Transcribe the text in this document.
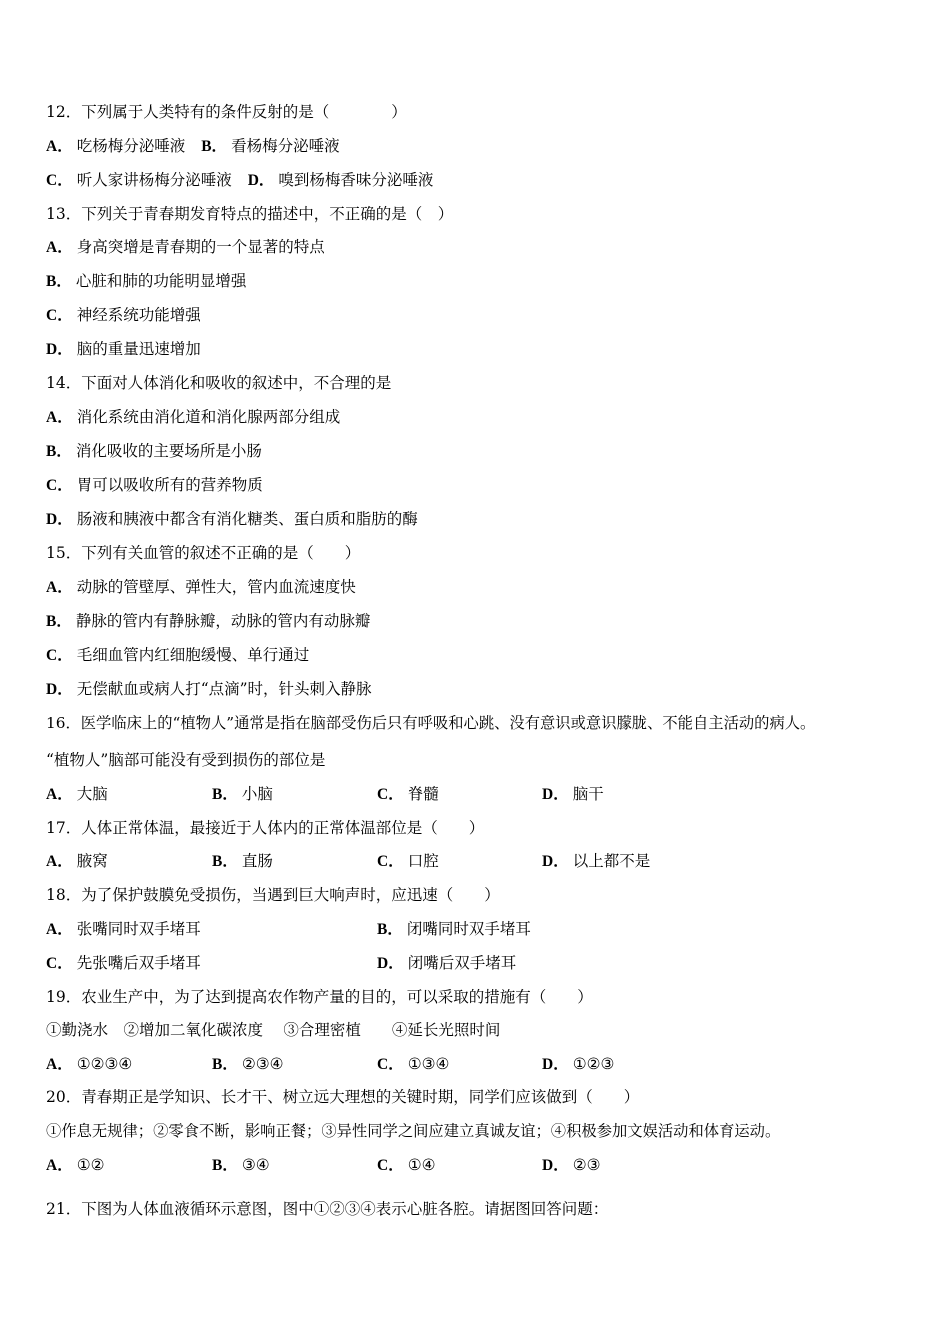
12．下列属于人类特有的条件反射的是（　　　　）
A． 吃杨梅分泌唾液 B． 看杨梅分泌唾液
C． 听人家讲杨梅分泌唾液 D． 嗅到杨梅香味分泌唾液
13．下列关于青春期发育特点的描述中，不正确的是（　）
A． 身高突增是青春期的一个显著的特点
B． 心脏和肺的功能明显增强
C． 神经系统功能增强
D． 脑的重量迅速增加
14．下面对人体消化和吸收的叙述中，不合理的是
A． 消化系统由消化道和消化腺两部分组成
B． 消化吸收的主要场所是小肠
C． 胃可以吸收所有的营养物质
D． 肠液和胰液中都含有消化糖类、蛋白质和脂肪的酶
15．下列有关血管的叙述不正确的是（　　）
A． 动脉的管壁厚、弹性大，管内血流速度快
B． 静脉的管内有静脉瓣，动脉的管内有动脉瓣
C． 毛细血管内红细胞缓慢、单行通过
D． 无偿献血或病人打“点滴”时，针头刺入静脉
16．医学临床上的“植物人”通常是指在脑部受伤后只有呼吸和心跳、没有意识或意识朦胧、不能自主活动的病人。
“植物人”脑部可能没有受到损伤的部位是
A． 大脑	B． 小脑	C． 脊髓	D． 脑干
17．人体正常体温，最接近于人体内的正常体温部位是（　　）
A． 腋窝	B． 直肠	C． 口腔	D． 以上都不是
18．为了保护鼓膜免受损伤，当遇到巨大响声时，应迅速（　　）
A． 张嘴同时双手堵耳	B． 闭嘴同时双手堵耳
C． 先张嘴后双手堵耳	D． 闭嘴后双手堵耳
19．农业生产中，为了达到提高农作物产量的目的，可以采取的措施有（　　）
①勤浇水　②增加二氧化碳浓度　 ③合理密植　　④延长光照时间
A． ①②③④	B． ②③④	C． ①③④	D． ①②③
20．青春期正是学知识、长才干、树立远大理想的关键时期，同学们应该做到（　　）
①作息无规律；②零食不断，影响正餐；③异性同学之间应建立真诚友谊；④积极参加文娱活动和体育运动。
A． ①②	B． ③④	C． ①④	D． ②③
21．下图为人体血液循环示意图，图中①②③④表示心脏各腔。请据图回答问题：
